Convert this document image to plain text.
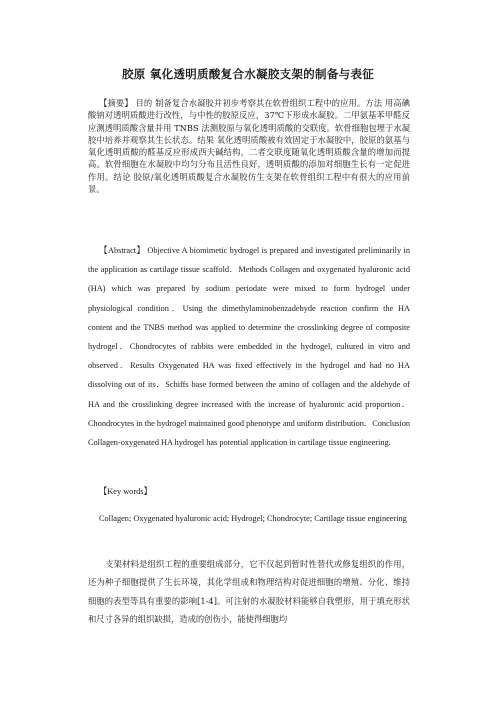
胶原 氧化透明质酸复合水凝胶支架的制备与表征
【摘要】 目的 制备复合水凝胶并初步考察其在软骨组织工程中的应用。方法 用高碘酸钠对透明质酸进行改性，与中性的胶原反应，37℃下形成水凝胶。二甲氨基苯甲醛反应测透明质酸含量并用 TNBS 法测胶原与氧化透明质酸的交联度。软骨细胞包埋于水凝胶中培养并观察其生长状态。结果 氧化透明质酸被有效固定于水凝胶中，胶原的氨基与氧化透明质酸的醛基反应形成西夫碱结构，二者交联度随氧化透明质酸含量的增加而提高。软骨细胞在水凝胶中均匀分布且活性良好，透明质酸的添加对细胞生长有一定促进作用。结论 胶原/氧化透明质酸复合水凝胶仿生支架在软骨组织工程中有很大的应用前景。
【Abstract】 Objective A biomimetic hydrogel is prepared and investigated preliminarily in the application as cartilage tissue scaffold．Methods Collagen and oxygenated hyaluronic acid (HA) which was prepared by sodium periodate were mixed to form hydrogel under physiological condition．Using the dimethylaminobenzadehyde reaction confirm the HA content and the TNBS method was applied to determine the crosslinking degree of composite hydrogel．Chondrocytes of rabbits were embedded in the hydrogel, cultured in vitro and observed．Results Oxygenated HA was fixed effectively in the hydrogel and had no HA dissolving out of its．Schiffs base formed between the amino of collagen and the aldehyde of HA and the crosslinking degree increased with the increase of hyaluronic acid proportion．Chondrocytes in the hydrogel maintained good phenotype and uniform distribution．Conclusion Collagen-oxygenated HA hydrogel has potential application in cartilage tissue engineering.
【Key words】
Collagen; Oxygenated hyaluronic acid; Hydrogel; Chondrocyte; Cartilage tissue engineering
支架材料是组织工程的重要组成部分，它不仅起到暂时性替代或修复组织的作用，还为种子细胞提供了生长环境，其化学组成和物理结构对促进细胞的增殖、分化、维持细胞的表型等具有重要的影响[1-4]。可注射的水凝胶材料能够自我塑形，用于填充形状和尺寸各异的组织缺损，造成的创伤小，能使得细胞均
